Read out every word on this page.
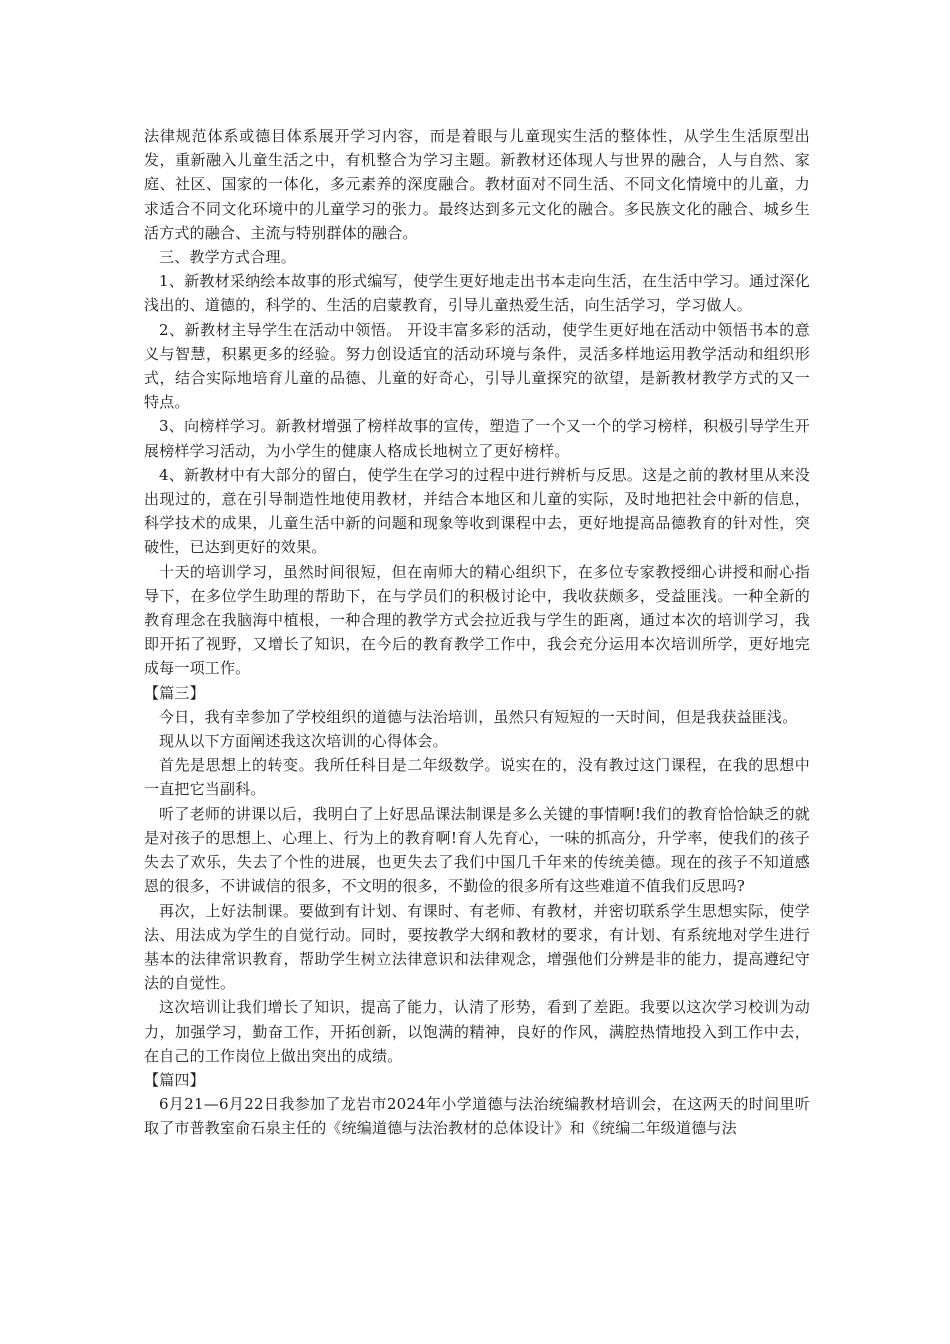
法律规范体系或德目体系展开学习内容，而是着眼与儿童现实生活的整体性，从学生生活原型出发，重新融入儿童生活之中，有机整合为学习主题。新教材还体现人与世界的融合，人与自然、家庭、社区、国家的一体化，多元素养的深度融合。教材面对不同生活、不同文化情境中的儿童，力求适合不同文化环境中的儿童学习的张力。最终达到多元文化的融合。多民族文化的融合、城乡生活方式的融合、主流与特别群体的融合。

三、教学方式合理。

1、新教材采纳绘本故事的形式编写，使学生更好地走出书本走向生活，在生活中学习。通过深化浅出的、道德的，科学的、生活的启蒙教育，引导儿童热爱生活，向生活学习，学习做人。

2、新教材主导学生在活动中领悟。 开设丰富多彩的活动，使学生更好地在活动中领悟书本的意义与智慧，积累更多的经验。努力创设适宜的活动环境与条件，灵活多样地运用教学活动和组织形式，结合实际地培育儿童的品德、儿童的好奇心，引导儿童探究的欲望，是新教材教学方式的又一特点。

3、向榜样学习。新教材增强了榜样故事的宣传，塑造了一个又一个的学习榜样，积极引导学生开展榜样学习活动，为小学生的健康人格成长地树立了更好榜样。

4、新教材中有大部分的留白，使学生在学习的过程中进行辨析与反思。这是之前的教材里从来没出现过的，意在引导制造性地使用教材，并结合本地区和儿童的实际，及时地把社会中新的信息，科学技术的成果，儿童生活中新的问题和现象等收到课程中去，更好地提高品德教育的针对性，突破性，已达到更好的效果。

十天的培训学习，虽然时间很短，但在南师大的精心组织下，在多位专家教授细心讲授和耐心指导下，在多位学生助理的帮助下，在与学员们的积极讨论中，我收获颇多，受益匪浅。一种全新的教育理念在我脑海中植根，一种合理的教学方式会拉近我与学生的距离，通过本次的培训学习，我即开拓了视野，又增长了知识，在今后的教育教学工作中，我会充分运用本次培训所学，更好地完成每一项工作。

【篇三】

今日，我有幸参加了学校组织的道德与法治培训，虽然只有短短的一天时间，但是我获益匪浅。

现从以下方面阐述我这次培训的心得体会。

首先是思想上的转变。我所任科目是二年级数学。说实在的，没有教过这门课程，在我的思想中一直把它当副科。

听了老师的讲课以后，我明白了上好思品课法制课是多么关键的事情啊!我们的教育恰恰缺乏的就是对孩子的思想上、心理上、行为上的教育啊!育人先育心，一味的抓高分，升学率，使我们的孩子失去了欢乐，失去了个性的进展，也更失去了我们中国几千年来的传统美德。现在的孩子不知道感恩的很多，不讲诚信的很多，不文明的很多，不勤俭的很多所有这些难道不值我们反思吗?

再次，上好法制课。要做到有计划、有课时、有老师、有教材，并密切联系学生思想实际，使学法、用法成为学生的自觉行动。同时，要按教学大纲和教材的要求，有计划、有系统地对学生进行基本的法律常识教育，帮助学生树立法律意识和法律观念，增强他们分辨是非的能力，提高遵纪守法的自觉性。

这次培训让我们增长了知识，提高了能力，认清了形势，看到了差距。我要以这次学习校训为动力，加强学习，勤奋工作，开拓创新，以饱满的精神，良好的作风，满腔热情地投入到工作中去，在自己的工作岗位上做出突出的成绩。

【篇四】

6月21—6月22日我参加了龙岩市2024年小学道德与法治统编教材培训会，在这两天的时间里听取了市普教室俞石泉主任的《统编道德与法治教材的总体设计》和《统编二年级道德与法
